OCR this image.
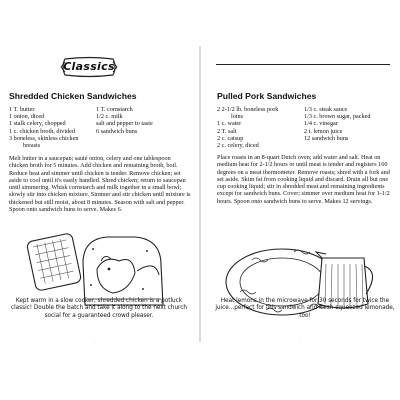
Classics
Shredded Chicken Sandwiches
1 T. butter
1 onion, diced
1 stalk celery, chopped
1 c. chicken broth, divided
3 boneless, skinless chicken
breasts
1 T. cornstarch
1/2 c. milk
salt and pepper to taste
6 sandwich buns
Melt butter in a saucepan; sauté onion, celery and one tablespoon chicken broth for 5 minutes. Add chicken and remaining broth, boil. Reduce heat and simmer until chicken is tender. Remove chicken; set aside to cool until it's easily handled. Shred chicken; return to saucepan until simmering. Whisk cornstarch and milk together in a small bowl; slowly stir into chicken mixture. Simmer and stir chicken until mixture is thickened but still moist, about 8 minutes. Season with salt and pepper. Spoon onto sandwich buns to serve. Makes 6.
Kept warm in a slow cooker, shredded chicken is a potluck classic! Double the batch and take it along to the next church social for a guaranteed crowd pleaser.
·
Pulled Pork Sandwiches
2 2-1/2 lb. boneless pork
loins
1 c. water
2 T. salt
2 c. catsup
2 c. celery, diced
1/3 c. steak sauce
1/3 c. brown sugar, packed
1/4 c. vinegar
2 t. lemon juice
12 sandwich buns
Place roasts in an 8-quart Dutch oven; add water and salt. Heat on medium heat for 2-1/2 hours or until meat is tender and registers 160 degrees on a meat thermometer. Remove roasts; shred with a fork and set aside. Skim fat from cooking liquid and discard. Drain all but one cup cooking liquid; stir in shredded meat and remaining ingredients except for sandwich buns. Cover; simmer over medium heat for 1-1/2 hours. Spoon onto sandwich buns to serve. Makes 12 servings.
Heat lemons in the microwave for 30 seconds for twice the juice...perfect for this sandwich and fresh-squeezed lemonade, too!
·
